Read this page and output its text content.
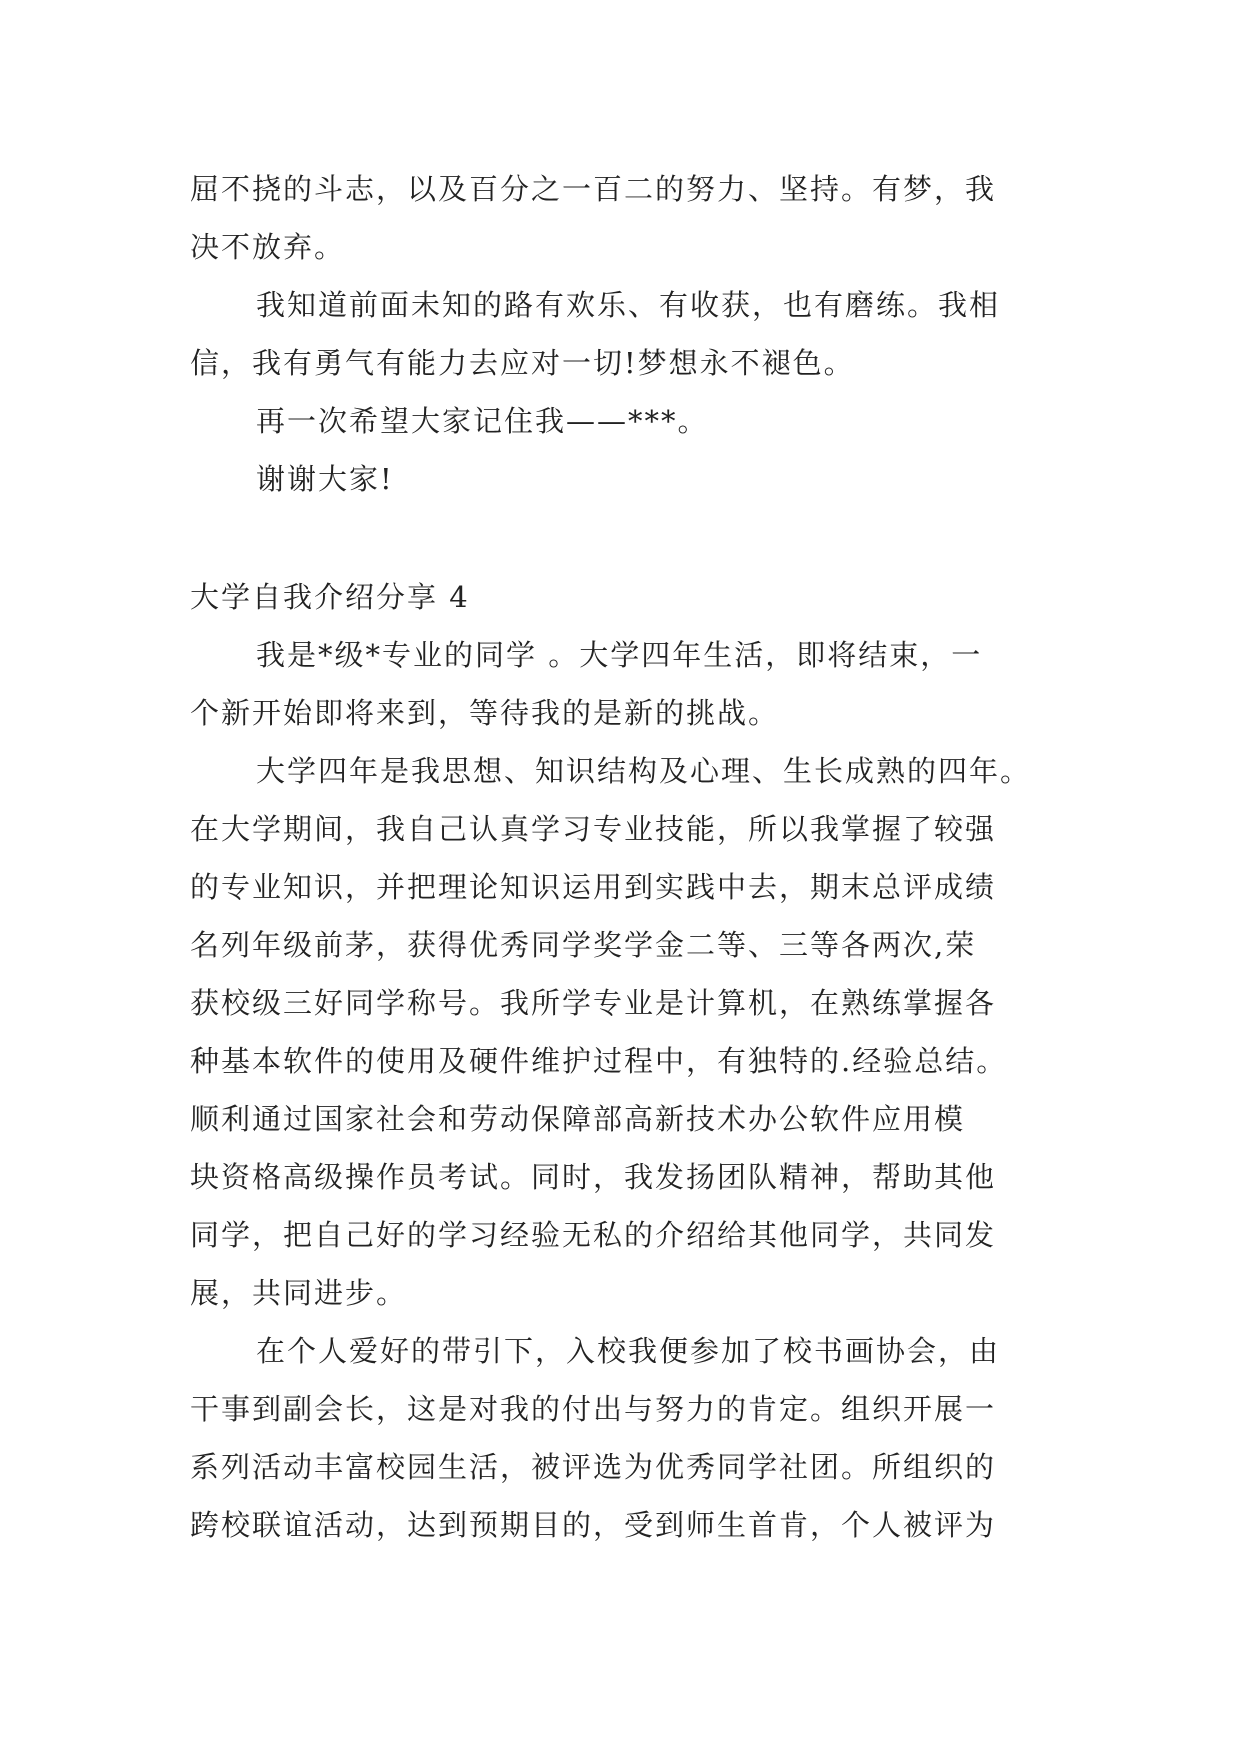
屈不挠的斗志，以及百分之一百二的努力、坚持。有梦，我
决不放弃。
我知道前面未知的路有欢乐、有收获，也有磨练。我相
信，我有勇气有能力去应对一切!梦想永不褪色。
再一次希望大家记住我——***。
谢谢大家!
大学自我介绍分享 4
我是*级*专业的同学 。大学四年生活，即将结束，一
个新开始即将来到，等待我的是新的挑战。
大学四年是我思想、知识结构及心理、生长成熟的四年。
在大学期间，我自己认真学习专业技能，所以我掌握了较强
的专业知识，并把理论知识运用到实践中去，期末总评成绩
名列年级前茅，获得优秀同学奖学金二等、三等各两次,荣
获校级三好同学称号。我所学专业是计算机，在熟练掌握各
种基本软件的使用及硬件维护过程中，有独特的.经验总结。
顺利通过国家社会和劳动保障部高新技术办公软件应用模
块资格高级操作员考试。同时，我发扬团队精神，帮助其他
同学，把自己好的学习经验无私的介绍给其他同学，共同发
展，共同进步。
在个人爱好的带引下，入校我便参加了校书画协会，由
干事到副会长，这是对我的付出与努力的肯定。组织开展一
系列活动丰富校园生活，被评选为优秀同学社团。所组织的
跨校联谊活动，达到预期目的，受到师生首肯，个人被评为
